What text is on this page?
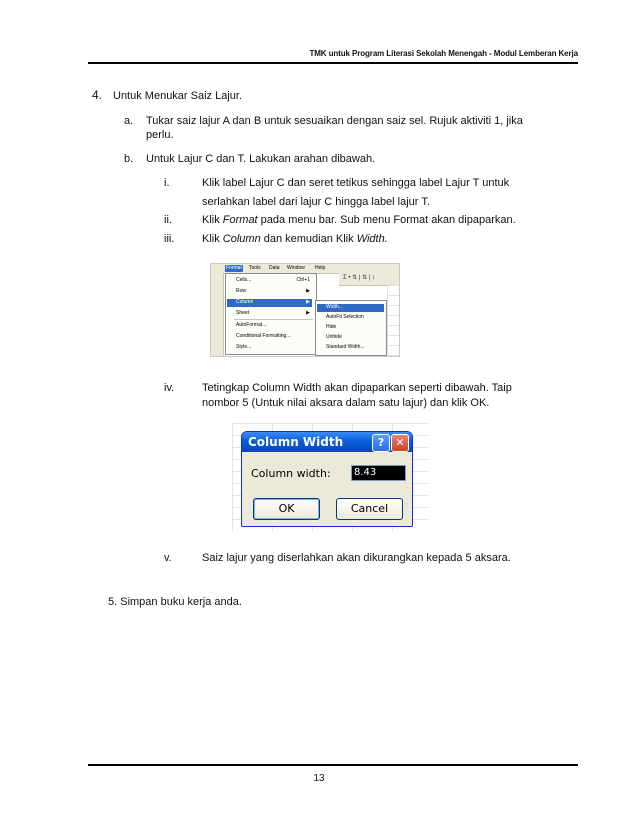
TMK untuk Program Literasi Sekolah Menengah - Modul Lemberan Kerja
4. Untuk Menukar Saiz Lajur.
a. Tukar saiz lajur A dan B untuk sesuaikan dengan saiz sel. Rujuk aktiviti 1, jika
perlu.
b. Untuk Lajur C dan T. Lakukan arahan dibawah.
i.	Klik label Lajur C dan seret tetikus sehingga label Lajur T untuk
serlahkan label dari lajur C hingga label lajur T.
ii.	Klik Format pada menu bar. Sub menu Format akan dipaparkan.
iii.	Klik Column dan kemudian Klik Width.
Format Tools Data Window Help
Σ • ⇅ | ⇅ | ↕
Cells...	Ctrl+1
Row	▶
Column	▶
Sheet	▶
AutoFormat...
Conditional Formatting...
Style...
Width...
AutoFit Selection
Hide
Unhide
Standard Width...
iv.	Tetingkap Column Width akan dipaparkan seperti dibawah. Taip
nombor 5 (Untuk nilai aksara dalam satu lajur) dan klik OK.
Column Width	?	✕
Column width:	8.43
OK	Cancel
v.	Saiz lajur yang diserlahkan akan dikurangkan kepada 5 aksara.
5. Simpan buku kerja anda.
13
